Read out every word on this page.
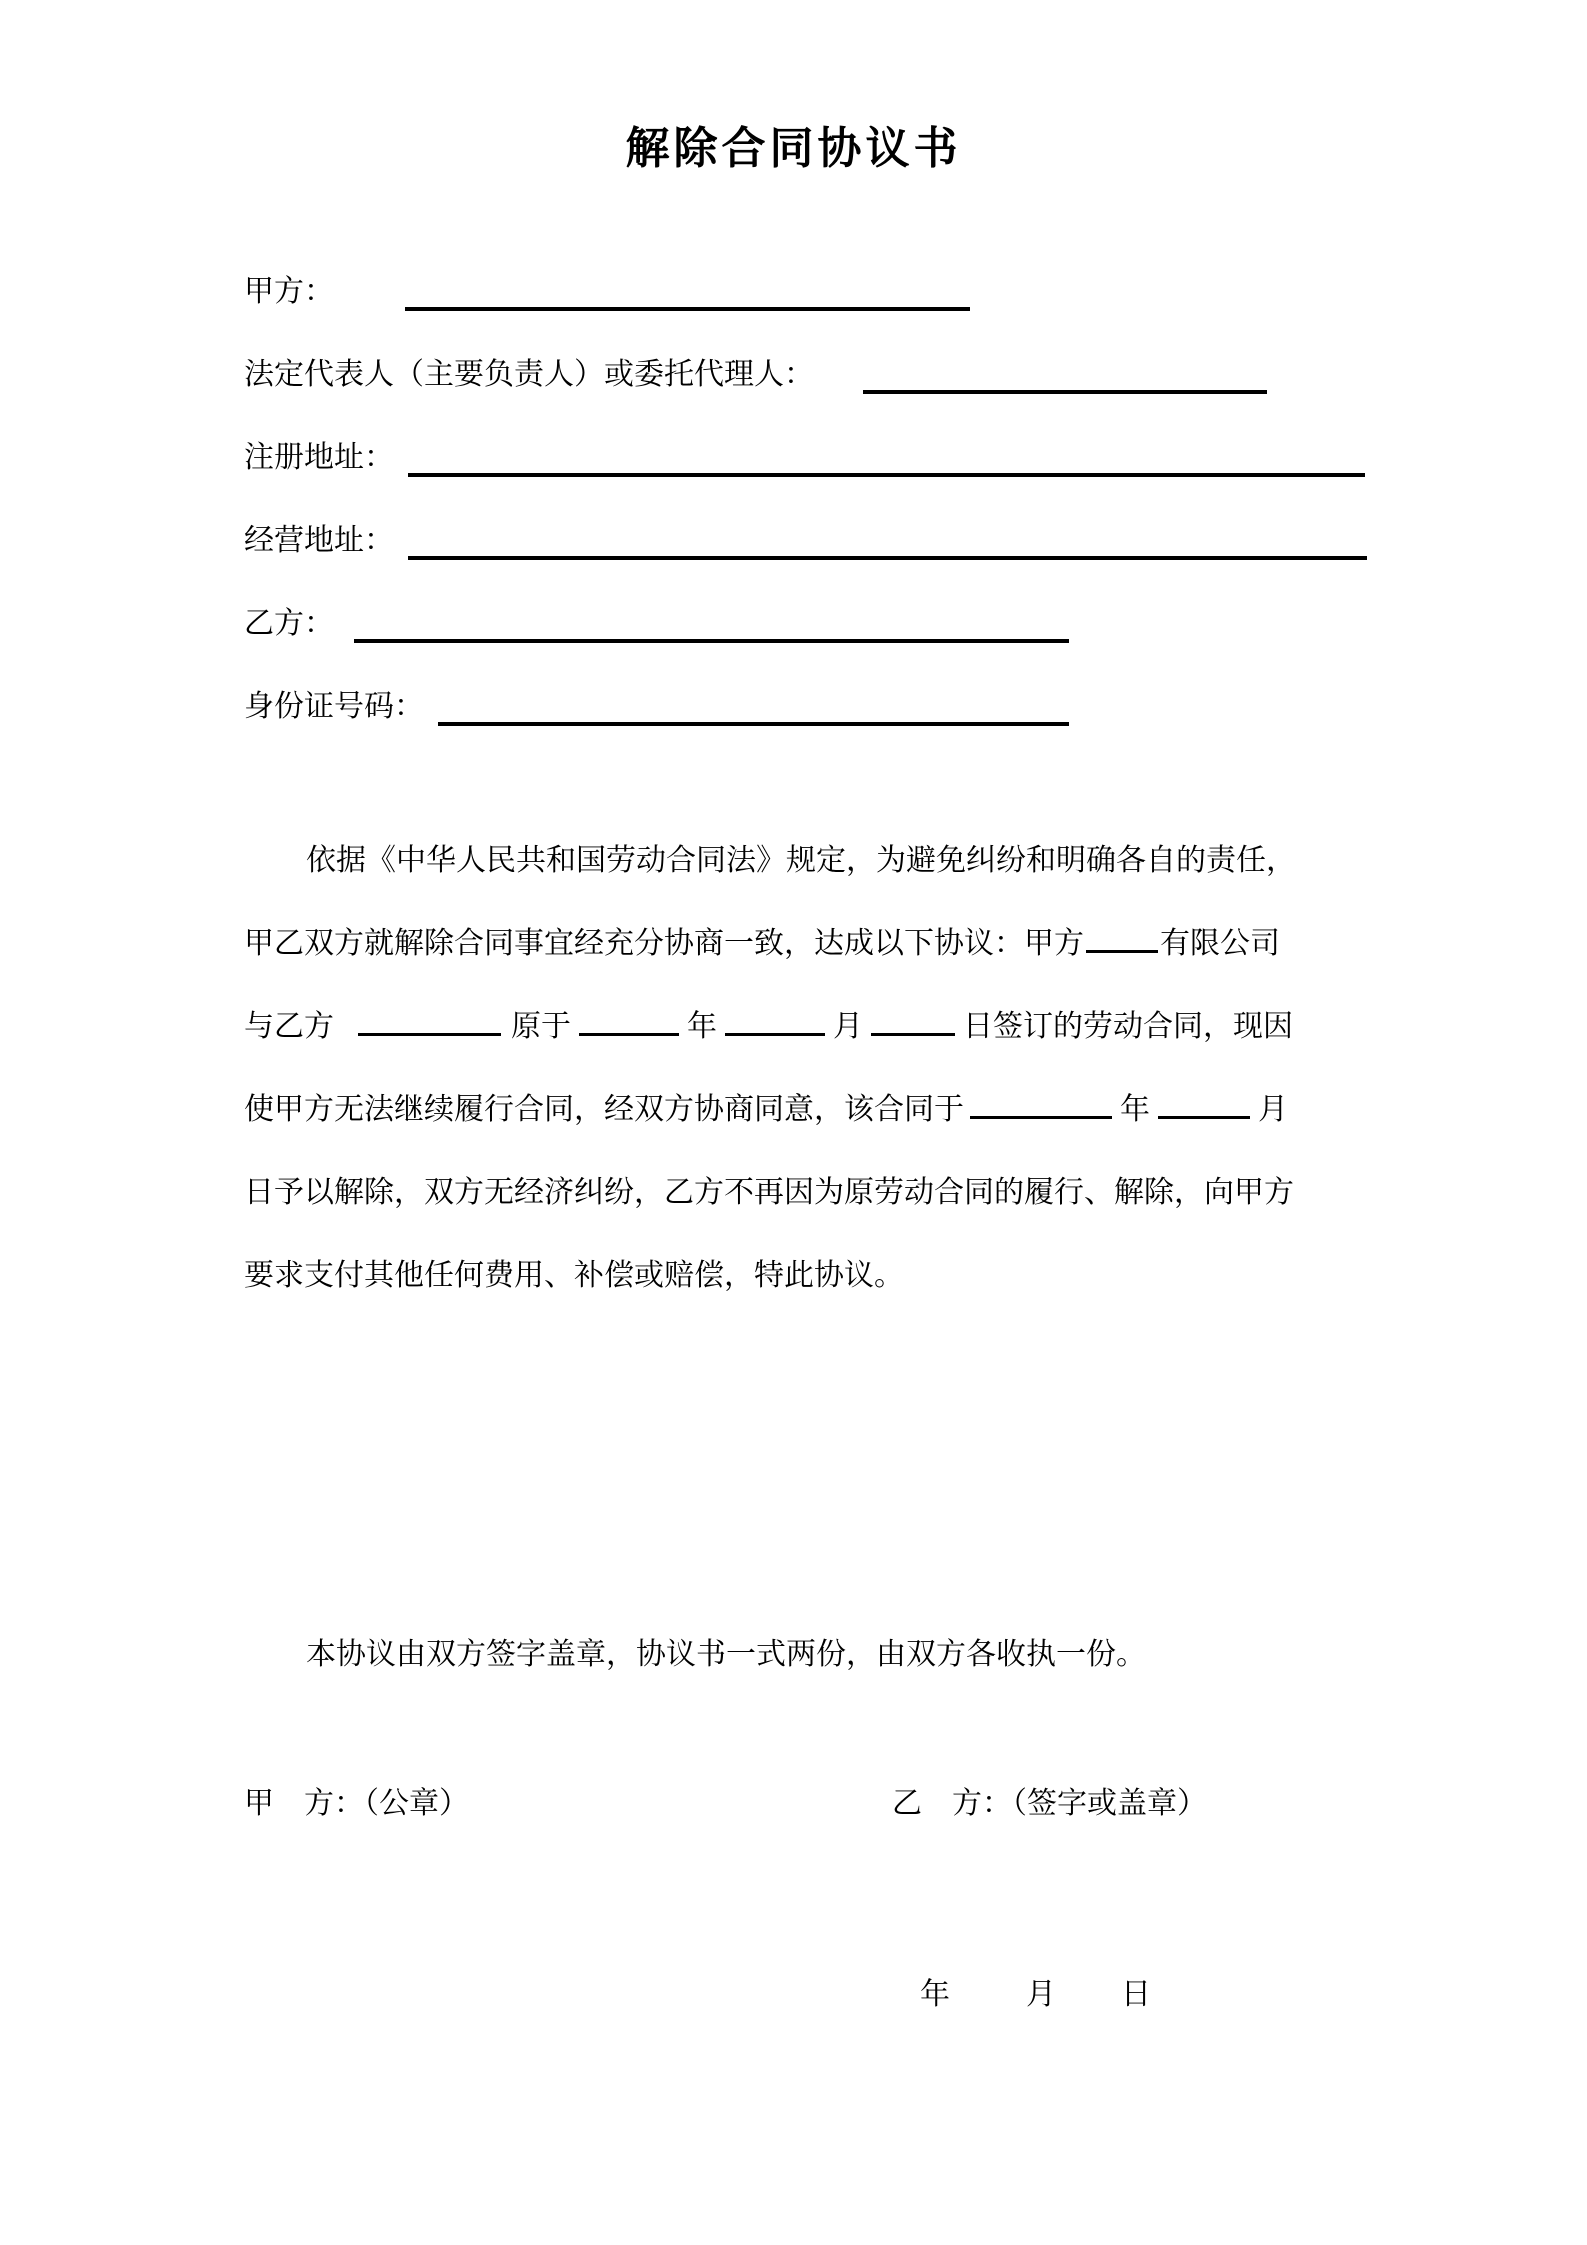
解除合同协议书
甲方：
法定代表人（主要负责人）或委托代理人：
注册地址：
经营地址：
乙方：
身份证号码：
依据《中华人民共和国劳动合同法》规定，为避免纠纷和明确各自的责任，
甲乙双方就解除合同事宜经充分协商一致，达成以下协议：甲方	有限公司
与乙方	原于	年	月	日签订的劳动合同，现因
使甲方无法继续履行合同，经双方协商同意，该合同于	年	月
日予以解除，双方无经济纠纷，乙方不再因为原劳动合同的履行、解除，向甲方
要求支付其他任何费用、补偿或赔偿，特此协议。
本协议由双方签字盖章，协议书一式两份，由双方各收执一份。
甲　方：（公章）	乙　方：（签字或盖章）
年	月 日
